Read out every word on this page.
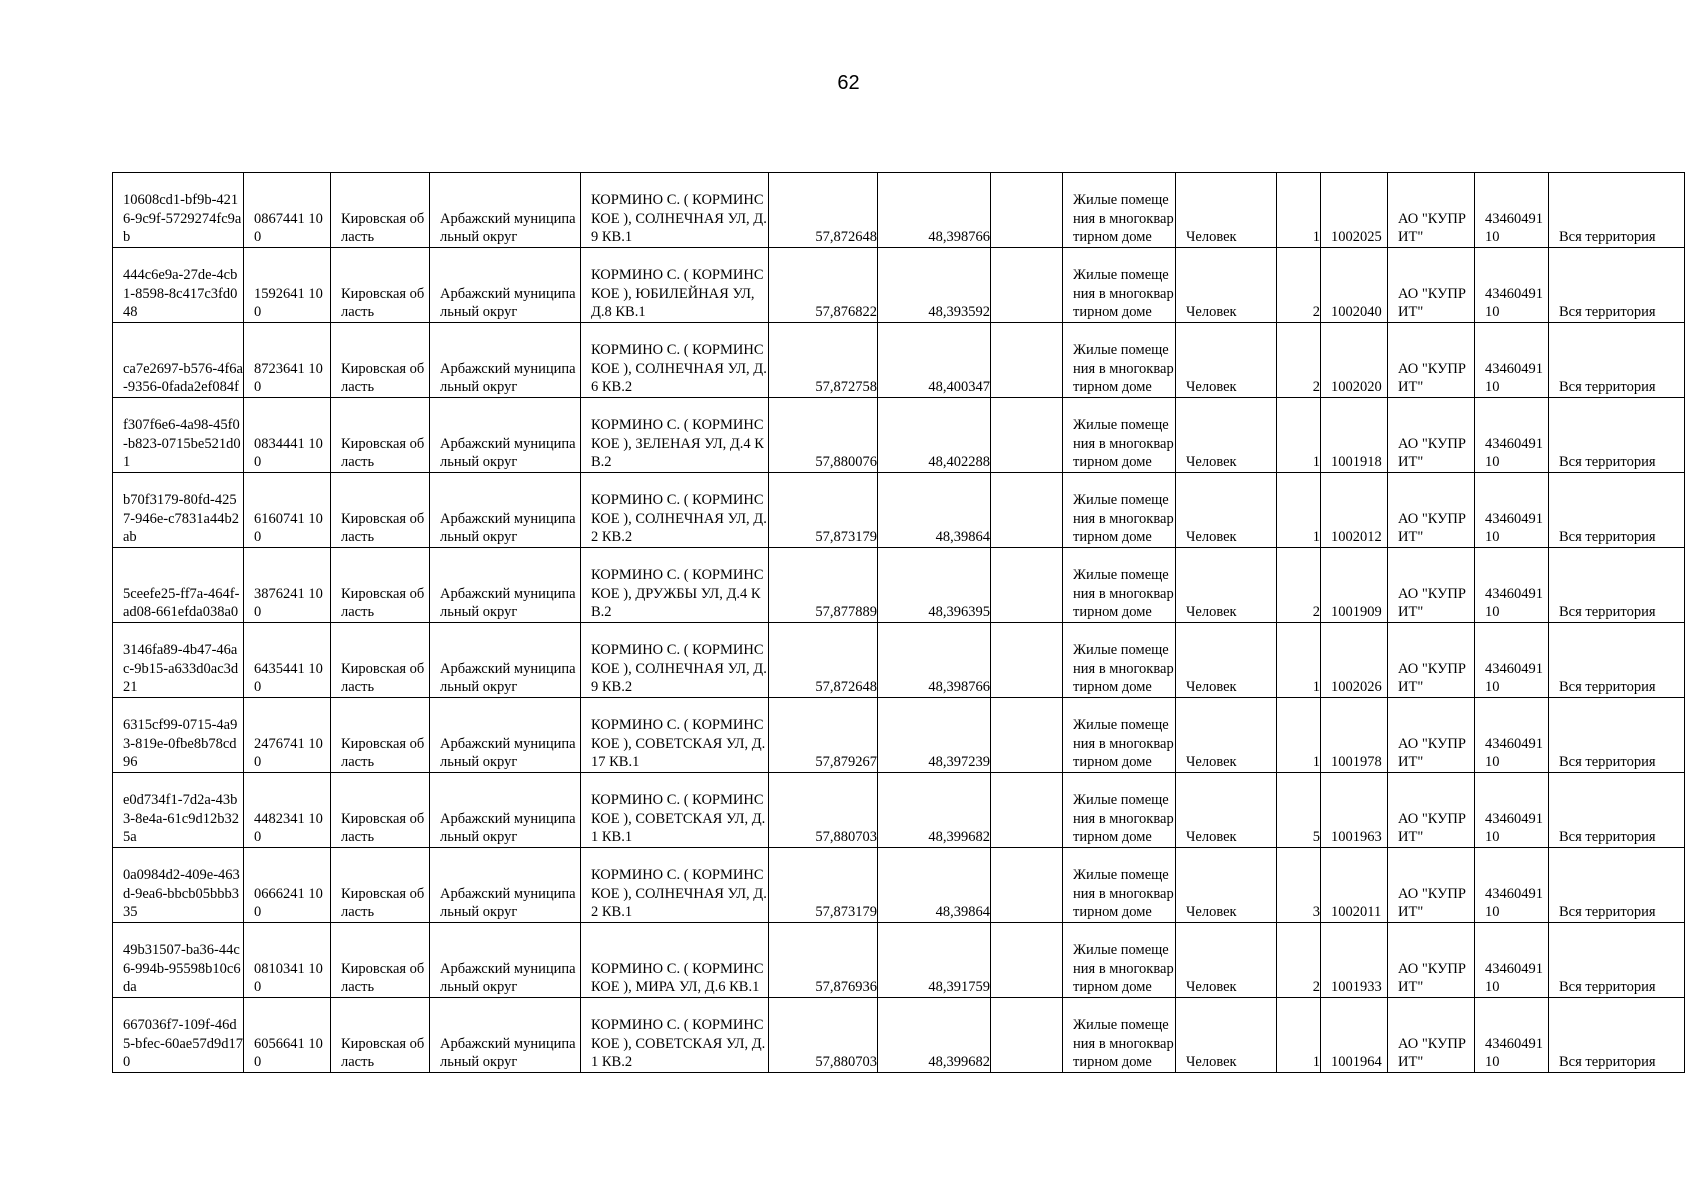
62
10608cd1-bf9b-4216-9c9f-5729274fc9ab	0867441 100	Кировская область	Арбажский муниципальный округ	КОРМИНО С. ( КОРМИНСКОЕ ), СОЛНЕЧНАЯ УЛ, Д.9 КВ.1	57,872648	48,398766		Жилые помещения в многоквартирном доме	Человек	1	1002025	АО "КУПРИТ"	4346049110	Вся территория
444c6e9a-27de-4cb1-8598-8c417c3fd048	1592641 100	Кировская область	Арбажский муниципальный округ	КОРМИНО С. ( КОРМИНСКОЕ ), ЮБИЛЕЙНАЯ УЛ, Д.8 КВ.1	57,876822	48,393592		Жилые помещения в многоквартирном доме	Человек	2	1002040	АО "КУПРИТ"	4346049110	Вся территория
ca7e2697-b576-4f6a-9356-0fada2ef084f	8723641 100	Кировская область	Арбажский муниципальный округ	КОРМИНО С. ( КОРМИНСКОЕ ), СОЛНЕЧНАЯ УЛ, Д.6 КВ.2	57,872758	48,400347		Жилые помещения в многоквартирном доме	Человек	2	1002020	АО "КУПРИТ"	4346049110	Вся территория
f307f6e6-4a98-45f0-b823-0715be521d01	0834441 100	Кировская область	Арбажский муниципальный округ	КОРМИНО С. ( КОРМИНСКОЕ ), ЗЕЛЕНАЯ УЛ, Д.4 КВ.2	57,880076	48,402288		Жилые помещения в многоквартирном доме	Человек	1	1001918	АО "КУПРИТ"	4346049110	Вся территория
b70f3179-80fd-4257-946e-c7831a44b2ab	6160741 100	Кировская область	Арбажский муниципальный округ	КОРМИНО С. ( КОРМИНСКОЕ ), СОЛНЕЧНАЯ УЛ, Д.2 КВ.2	57,873179	48,39864		Жилые помещения в многоквартирном доме	Человек	1	1002012	АО "КУПРИТ"	4346049110	Вся территория
5ceefe25-ff7a-464f-ad08-661efda038a0	3876241 100	Кировская область	Арбажский муниципальный округ	КОРМИНО С. ( КОРМИНСКОЕ ), ДРУЖБЫ УЛ, Д.4 КВ.2	57,877889	48,396395		Жилые помещения в многоквартирном доме	Человек	2	1001909	АО "КУПРИТ"	4346049110	Вся территория
3146fa89-4b47-46ac-9b15-a633d0ac3d21	6435441 100	Кировская область	Арбажский муниципальный округ	КОРМИНО С. ( КОРМИНСКОЕ ), СОЛНЕЧНАЯ УЛ, Д.9 КВ.2	57,872648	48,398766		Жилые помещения в многоквартирном доме	Человек	1	1002026	АО "КУПРИТ"	4346049110	Вся территория
6315cf99-0715-4a93-819e-0fbe8b78cd96	2476741 100	Кировская область	Арбажский муниципальный округ	КОРМИНО С. ( КОРМИНСКОЕ ), СОВЕТСКАЯ УЛ, Д.17 КВ.1	57,879267	48,397239		Жилые помещения в многоквартирном доме	Человек	1	1001978	АО "КУПРИТ"	4346049110	Вся территория
e0d734f1-7d2a-43b3-8e4a-61c9d12b325a	4482341 100	Кировская область	Арбажский муниципальный округ	КОРМИНО С. ( КОРМИНСКОЕ ), СОВЕТСКАЯ УЛ, Д.1 КВ.1	57,880703	48,399682		Жилые помещения в многоквартирном доме	Человек	5	1001963	АО "КУПРИТ"	4346049110	Вся территория
0a0984d2-409e-463d-9ea6-bbcb05bbb335	0666241 100	Кировская область	Арбажский муниципальный округ	КОРМИНО С. ( КОРМИНСКОЕ ), СОЛНЕЧНАЯ УЛ, Д.2 КВ.1	57,873179	48,39864		Жилые помещения в многоквартирном доме	Человек	3	1002011	АО "КУПРИТ"	4346049110	Вся территория
49b31507-ba36-44c6-994b-95598b10c6da	0810341 100	Кировская область	Арбажский муниципальный округ	КОРМИНО С. ( КОРМИНСКОЕ ), МИРА УЛ, Д.6 КВ.1	57,876936	48,391759		Жилые помещения в многоквартирном доме	Человек	2	1001933	АО "КУПРИТ"	4346049110	Вся территория
667036f7-109f-46d5-bfec-60ae57d9d170	6056641 100	Кировская область	Арбажский муниципальный округ	КОРМИНО С. ( КОРМИНСКОЕ ), СОВЕТСКАЯ УЛ, Д.1 КВ.2	57,880703	48,399682		Жилые помещения в многоквартирном доме	Человек	1	1001964	АО "КУПРИТ"	4346049110	Вся территория
